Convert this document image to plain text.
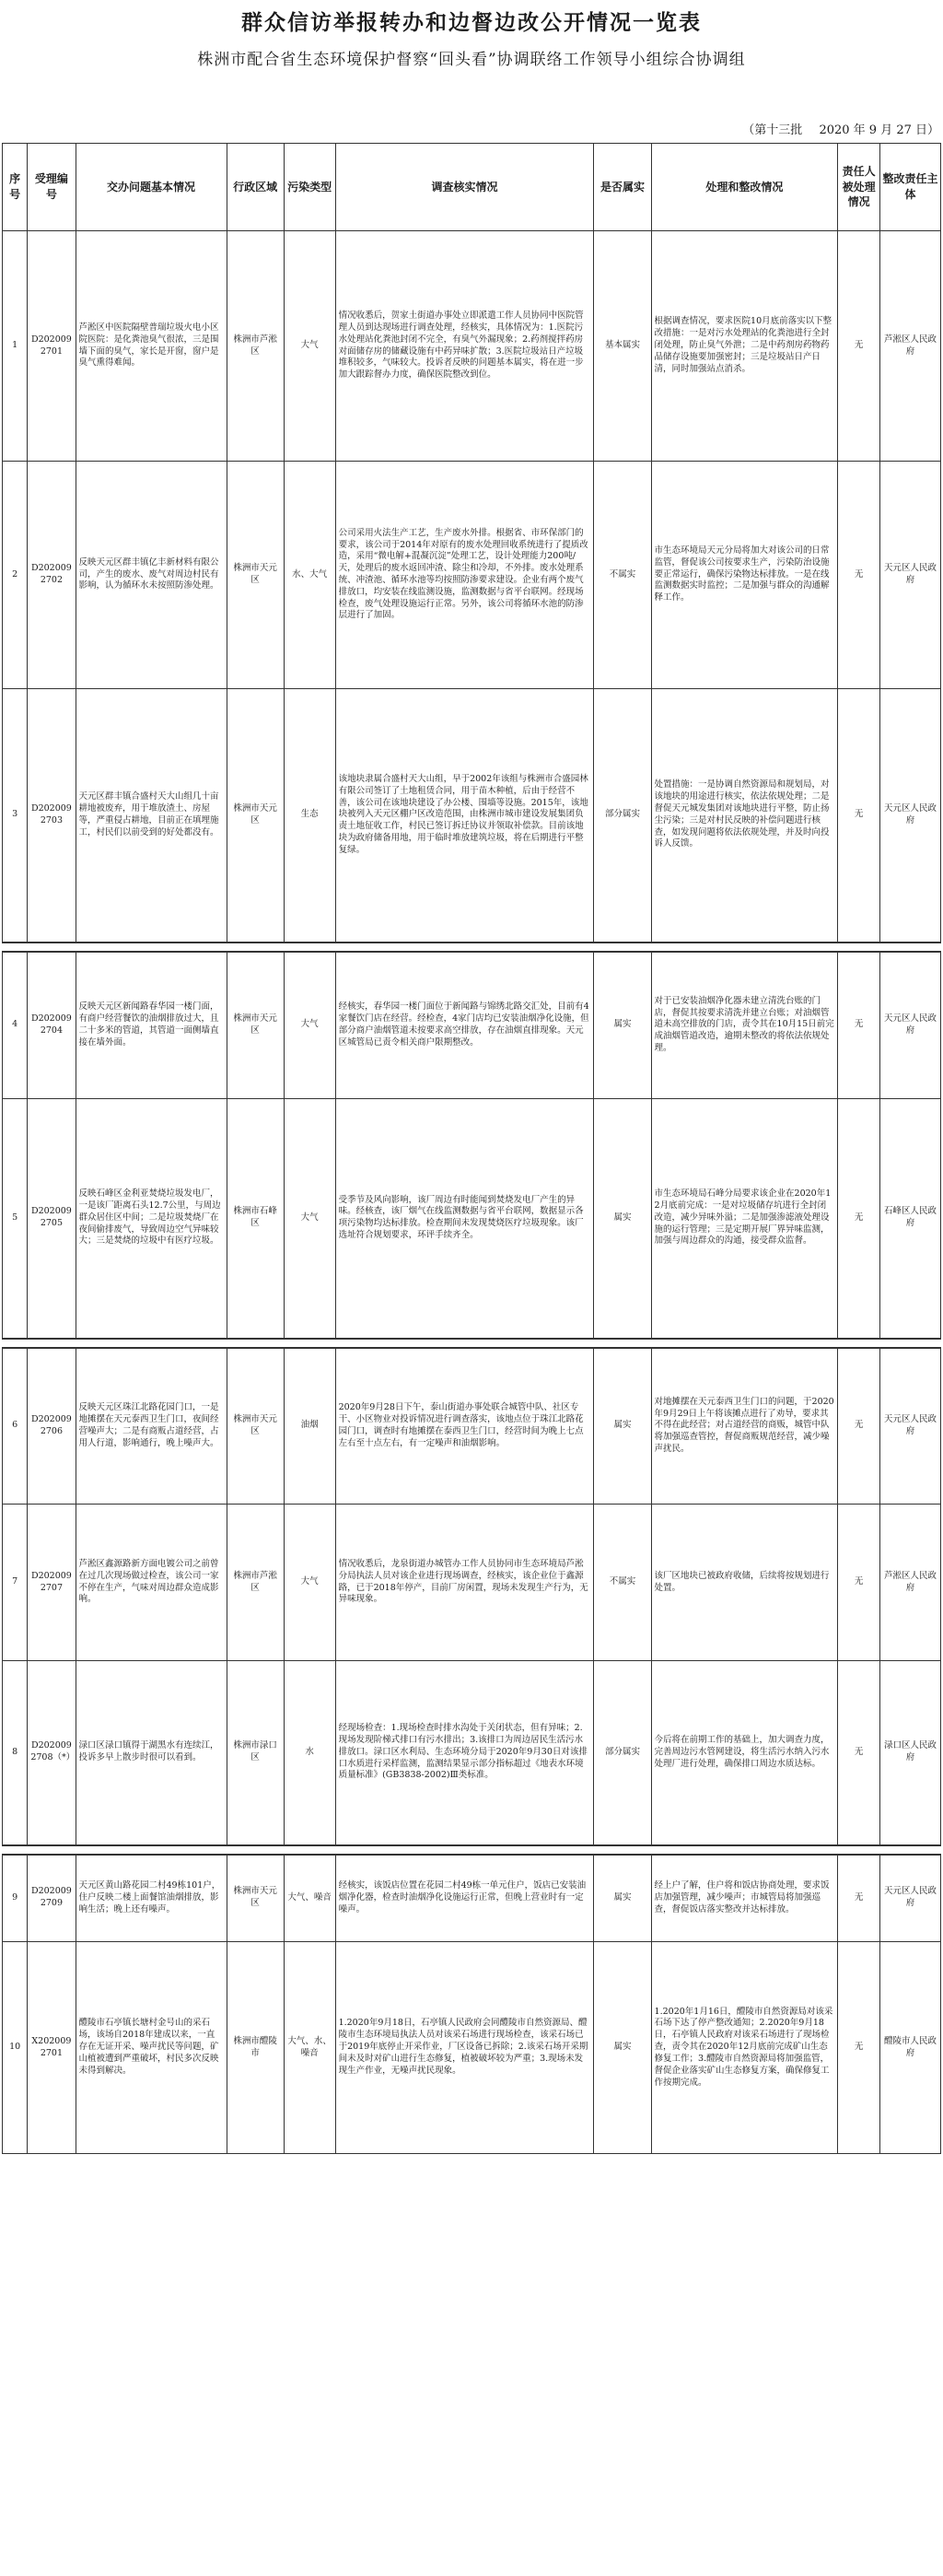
群众信访举报转办和边督边改公开情况一览表
株洲市配合省生态环境保护督察“回头看”协调联络工作领导小组综合协调组
（第十三批 2020 年 9 月 27 日）
序号	受理编号	交办问题基本情况	行政区域	污染类型	调查核实情况	是否属实	处理和整改情况	责任人被处理情况	整改责任主体
1	D2020092701	芦淞区中医院隔壁普瑞垃圾火电小区院医院：是化粪池臭气很浓，三是围墙下面的臭气，家长是开窗，窗户是臭气熏得难闻。	株洲市芦淞区	大气	情况收悉后，贺家土街道办事处立即派遣工作人员协同中医院管理人员到达现场进行调查处理，经核实，具体情况为：1.医院污水处理站化粪池封闭不完全，有臭气外漏现象；2.药剂搅拌药房对面储存房的储藏设施有中药异味扩散；3.医院垃圾站日产垃圾堆积较多，气味较大。投诉者反映的问题基本属实，将在进一步加大跟踪督办力度，确保医院整改到位。	基本属实	根据调查情况，要求医院10月底前落实以下整改措施：一是对污水处理站的化粪池进行全封闭处理，防止臭气外泄；二是中药剂房药物药品储存设施要加强密封；三是垃圾站日产日清，同时加强站点消杀。	无	芦淞区人民政府
2	D2020092702	反映天元区群丰镇亿丰新材料有限公司，产生的废水、废气对周边村民有影响，认为循环水未按照防渗处理。	株洲市天元区	水、大气	公司采用火法生产工艺，生产废水外排。根据省、市环保部门的要求，该公司于2014年对原有的废水处理回收系统进行了提质改造，采用“微电解+混凝沉淀”处理工艺，设计处理能力200吨/天，处理后的废水返回冲渣、除尘和冷却，不外排。废水处理系统、冲渣池、循环水池等均按照防渗要求建设。企业有两个废气排放口，均安装在线监测设施，监测数据与省平台联网。经现场检查，废气处理设施运行正常。另外，该公司将循环水池的防渗层进行了加固。	不属实	市生态环境局天元分局将加大对该公司的日常监管，督促该公司按要求生产，污染防治设施要正常运行，确保污染物达标排放。一是在线监测数据实时监控；二是加强与群众的沟通解释工作。	无	天元区人民政府
3	D2020092703	天元区群丰镇合盛村天大山组几十亩耕地被废弃，用于堆放渣土、房屋等，严重侵占耕地，目前正在填埋施工，村民们以前受到的好处都没有。	株洲市天元区	生态	该地块隶属合盛村天大山组，早于2002年该组与株洲市合盛园林有限公司签订了土地租赁合同，用于苗木种植，后由于经营不善，该公司在该地块建设了办公楼、围墙等设施。2015年，该地块被列入天元区棚户区改造范围，由株洲市城市建设发展集团负责土地征收工作，村民已签订拆迁协议并领取补偿款。目前该地块为政府储备用地，用于临时堆放建筑垃圾，将在后期进行平整复绿。	部分属实	处置措施：一是协调自然资源局和规划局，对该地块的用途进行核实，依法依规处理；二是督促天元城发集团对该地块进行平整，防止扬尘污染；三是对村民反映的补偿问题进行核查，如发现问题将依法依规处理，并及时向投诉人反馈。	无	天元区人民政府

4	D2020092704	反映天元区新闻路春华园一楼门面，有商户经营餐饮的油烟排放过大，且二十多米的管道，其管道一面侧墙直接在墙外面。	株洲市天元区	大气	经核实，春华园一楼门面位于新闻路与锦绣北路交汇处，目前有4家餐饮门店在经营。经检查，4家门店均已安装油烟净化设施，但部分商户油烟管道未按要求高空排放，存在油烟直排现象。天元区城管局已责令相关商户限期整改。	属实	对于已安装油烟净化器未建立清洗台账的门店，督促其按要求清洗并建立台账；对油烟管道未高空排放的门店，责令其在10月15日前完成油烟管道改造，逾期未整改的将依法依规处理。	无	天元区人民政府
5	D2020092705	反映石峰区金利亚焚烧垃圾发电厂，一是该厂距离石头12.7公里，与周边群众居住区中间；二是垃圾焚烧厂在夜间偷排废气，导致周边空气异味较大；三是焚烧的垃圾中有医疗垃圾。	株洲市石峰区	大气	受季节及风向影响，该厂周边有时能闻到焚烧发电厂产生的异味。经核查，该厂烟气在线监测数据与省平台联网，数据显示各项污染物均达标排放。检查期间未发现焚烧医疗垃圾现象。该厂选址符合规划要求，环评手续齐全。	属实	市生态环境局石峰分局要求该企业在2020年12月底前完成：一是对垃圾储存坑进行全封闭改造，减少异味外溢；二是加强渗滤液处理设施的运行管理；三是定期开展厂界异味监测，加强与周边群众的沟通，接受群众监督。	无	石峰区人民政府

6	D2020092706	反映天元区珠江北路花园门口，一是地摊摆在天元泰西卫生门口，夜间经营噪声大；二是有商贩占道经营，占用人行道，影响通行，晚上噪声大。	株洲市天元区	油烟	2020年9月28日下午，泰山街道办事处联合城管中队、社区专干、小区物业对投诉情况进行调查落实，该地点位于珠江北路花园门口，调查时有地摊摆在泰西卫生门口，经营时间为晚上七点左右至十点左右，有一定噪声和油烟影响。	属实	对地摊摆在天元泰西卫生门口的问题，于2020年9月29日上午将该摊点进行了劝导，要求其不得在此经营；对占道经营的商贩，城管中队将加强巡查管控，督促商贩规范经营，减少噪声扰民。	无	天元区人民政府
7	D2020092707	芦淞区鑫源路新方面电镀公司之前曾在过几次现场做过检查，该公司一家不停在生产，气味对周边群众造成影响。	株洲市芦淞区	大气	情况收悉后，龙泉街道办城管办工作人员协同市生态环境局芦淞分局执法人员对该企业进行现场调查，经核实，该企业位于鑫源路，已于2018年停产，目前厂房闲置，现场未发现生产行为，无异味现象。	不属实	该厂区地块已被政府收储，后续将按规划进行处置。	无	芦淞区人民政府
8	D2020092708（*）	渌口区渌口镇得于湖黑水有连续江，投诉多早上散步时很可以看到。	株洲市渌口区	水	经现场检查：1.现场检查时排水沟处于关闭状态，但有异味；2.现场发现阶梯式排口有污水排出；3.该排口为周边居民生活污水排放口。渌口区水利局、生态环境分局于2020年9月30日对该排口水质进行采样监测，监测结果显示部分指标超过《地表水环境质量标准》(GB3838-2002)Ⅲ类标准。	部分属实	今后将在前期工作的基础上，加大调查力度，完善周边污水管网建设，将生活污水纳入污水处理厂进行处理，确保排口周边水质达标。	无	渌口区人民政府

9	D2020092709	天元区黄山路花园二村49栋101户，住户反映二楼上面餐馆油烟排放，影响生活；晚上还有噪声。	株洲市天元区	大气、噪音	经核实，该饭店位置在花园二村49栋一单元住户，饭店已安装油烟净化器，检查时油烟净化设施运行正常，但晚上营业时有一定噪声。	属实	经上户了解，住户将和饭店协商处理，要求饭店加强管理，减少噪声；市城管局将加强巡查，督促饭店落实整改并达标排放。	无	天元区人民政府
10	X2020092701	醴陵市石亭镇长塘村金号山的采石场，该场自2018年建成以来，一直存在无证开采、噪声扰民等问题，矿山植被遭到严重破坏，村民多次反映未得到解决。	株洲市醴陵市	大气、水、噪音	1.2020年9月18日，石亭镇人民政府会同醴陵市自然资源局、醴陵市生态环境局执法人员对该采石场进行现场检查，该采石场已于2019年底停止开采作业，厂区设备已拆除；2.该采石场开采期间未及时对矿山进行生态修复，植被破坏较为严重；3.现场未发现生产作业，无噪声扰民现象。	属实	1.2020年1月16日，醴陵市自然资源局对该采石场下达了停产整改通知；2.2020年9月18日，石亭镇人民政府对该采石场进行了现场检查，责令其在2020年12月底前完成矿山生态修复工作；3.醴陵市自然资源局将加强监管，督促企业落实矿山生态修复方案，确保修复工作按期完成。	无	醴陵市人民政府
